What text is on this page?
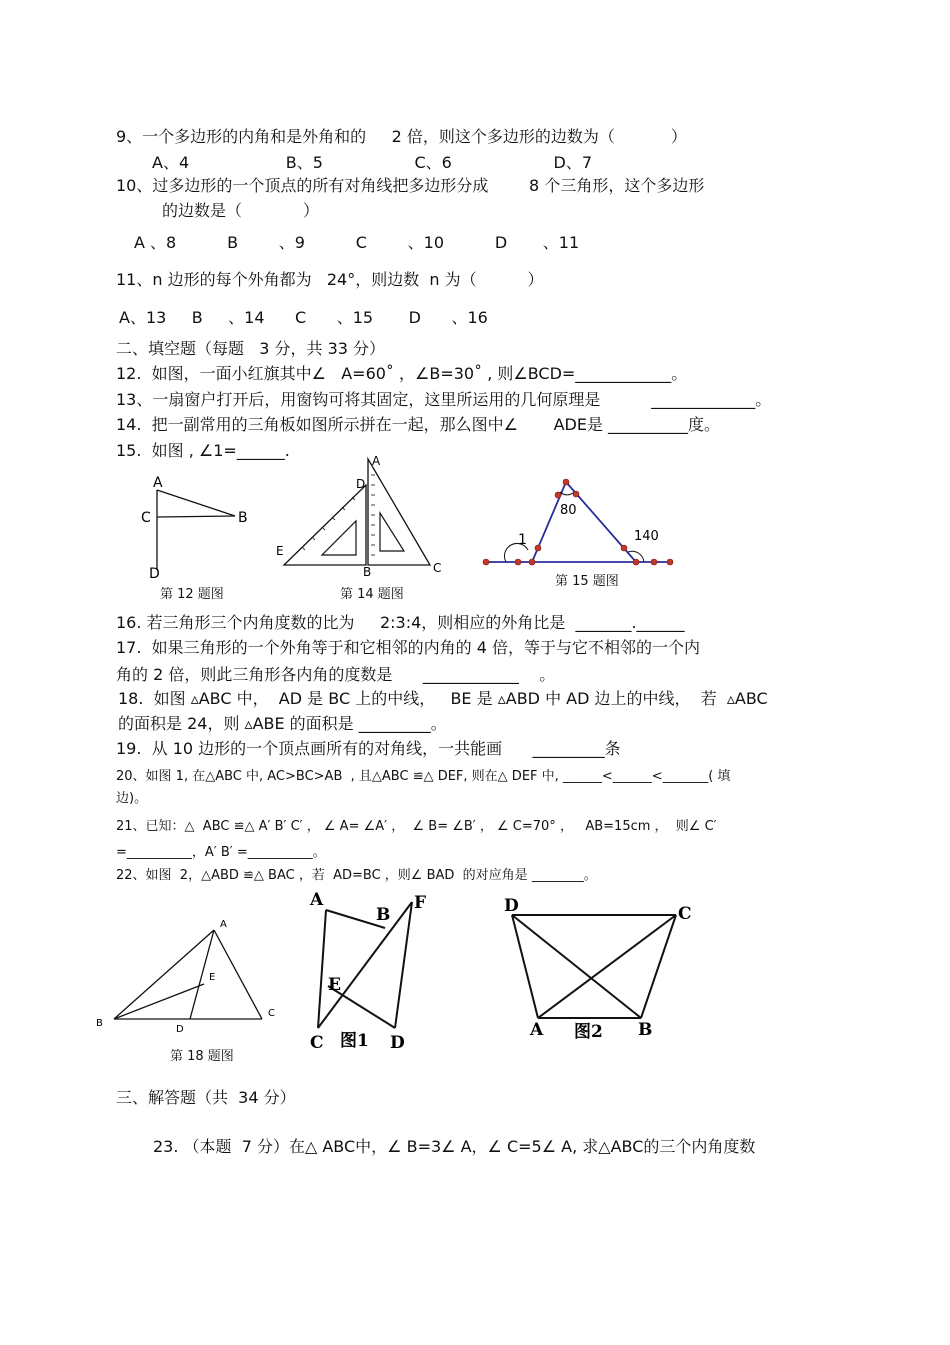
9、一个多边形的内角和是外角和的     2 倍，则这个多边形的边数为（           ）
A、4                   B、5                  C、6                    D、7
10、过多边形的一个顶点的所有对角线把多边形分成        8 个三角形，这个多边形
的边数是（            ）
A 、8          B        、9          C        、10          D       、11
11、n 边形的每个外角都为   24°，则边数  n 为（          ）
A、13     B     、14      C      、15       D      、16
二、填空题（每题   3 分，共 33 分）
12.  如图，一面小红旗其中∠   A=60˚ ，∠B=30˚ , 则∠BCD=____________。
13、一扇窗户打开后，用窗钩可将其固定，这里所运用的几何原理是          _____________。
14.  把一副常用的三角板如图所示拼在一起，那么图中∠       ADE是 __________度。
15.  如图 , ∠1=______.
A
C	B
D
第 12 题图
A
D
E
B	C
第 14 题图
1
80
140
第 15 题图
16. 若三角形三个内角度数的比为     2:3:4，则相应的外角比是  _______.______
17.  如果三角形的一个外角等于和它相邻的内角的 4 倍，等于与它不相邻的一个内
角的 2 倍，则此三角形各内角的度数是      ____________    。
18.  如图 ▵ABC 中，  AD 是 BC 上的中线，   BE 是 ▵ABD 中 AD 边上的中线，  若  ▵ABC
的面积是 24，则 ▵ABE 的面积是 _________。
19.  从 10 边形的一个顶点画所有的对角线，一共能画      _________条
20、如图 1, 在△ABC 中, AC>BC>AB  , 且△ABC ≌△ DEF, 则在△ DEF 中, ______<______<_______( 填
边)。
21、已知：△  ABC ≌△ A′ B′ C′ ， ∠ A= ∠A′ ，  ∠ B= ∠B′ ， ∠ C=70° ，   AB=15cm ，  则∠ C′
=__________，A′ B′ =__________。
22、如图  2，△ABD ≌△ BAC ，若  AD=BC ，则∠ BAD  的对应角是 ________。
A
E
B
D
C
第 18 题图
A
B
F
E
C 图1 D
D	C
A 图2 B
三、解答题（共  34 分）
23. （本题  7 分）在△ ABC中，∠ B=3∠ A，∠ C=5∠ A, 求△ABC的三个内角度数
